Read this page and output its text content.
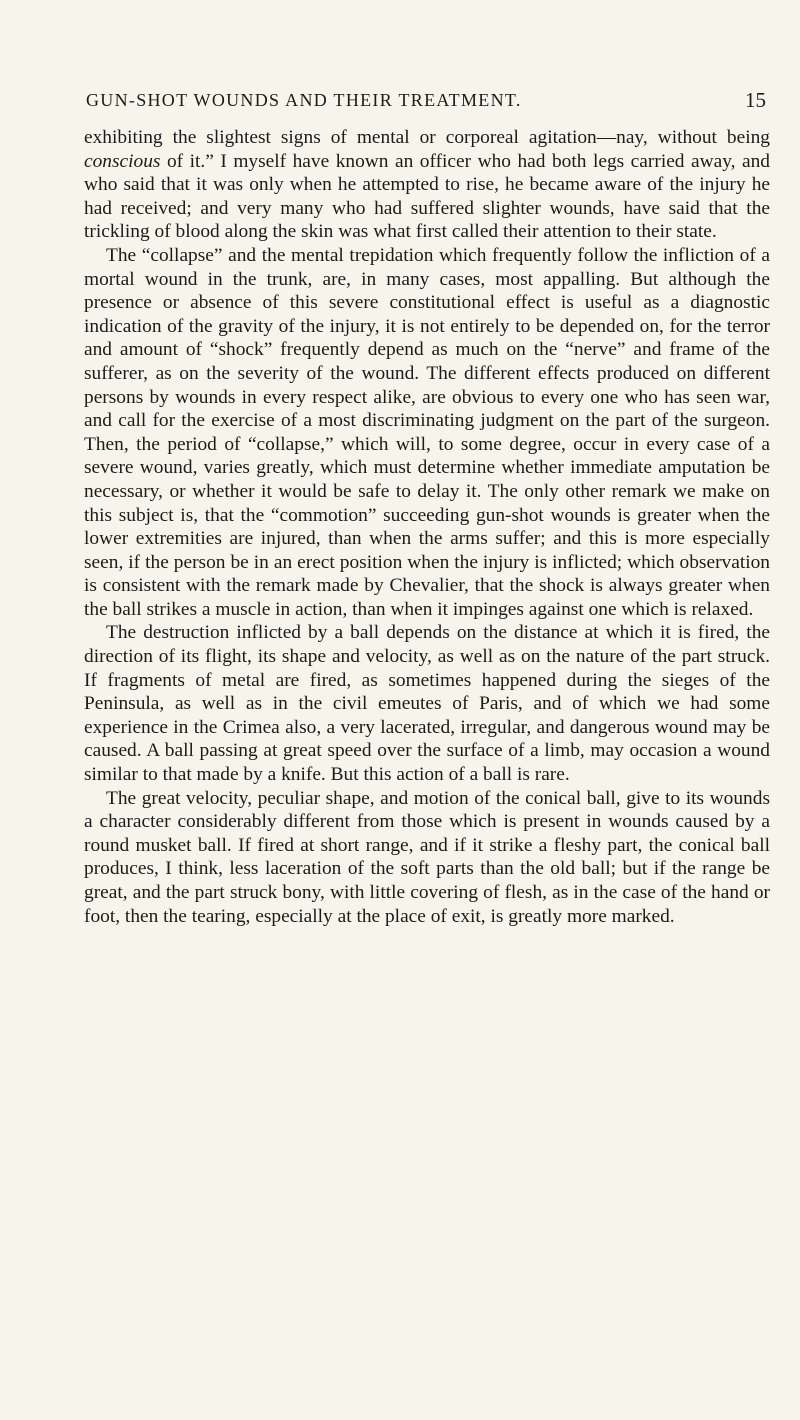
GUN-SHOT WOUNDS AND THEIR TREATMENT.	15

exhibiting the slightest signs of mental or corporeal agitation—nay, without being conscious of it.” I myself have known an officer who had both legs carried away, and who said that it was only when he attempted to rise, he became aware of the injury he had received; and very many who had suffered slighter wounds, have said that the trickling of blood along the skin was what first called their attention to their state.

The “collapse” and the mental trepidation which frequently follow the infliction of a mortal wound in the trunk, are, in many cases, most appalling. But although the presence or absence of this severe constitutional effect is useful as a diagnostic indication of the gravity of the injury, it is not entirely to be depended on, for the terror and amount of “shock” frequently depend as much on the “nerve” and frame of the sufferer, as on the severity of the wound. The different effects produced on different persons by wounds in every respect alike, are obvious to every one who has seen war, and call for the exercise of a most discriminating judgment on the part of the surgeon. Then, the period of “collapse,” which will, to some degree, occur in every case of a severe wound, varies greatly, which must determine whether immediate amputation be necessary, or whether it would be safe to delay it. The only other remark we make on this subject is, that the “commotion” succeeding gun-shot wounds is greater when the lower extremities are injured, than when the arms suffer; and this is more especially seen, if the person be in an erect position when the injury is inflicted; which observation is consistent with the remark made by Chevalier, that the shock is always greater when the ball strikes a muscle in action, than when it impinges against one which is relaxed.

The destruction inflicted by a ball depends on the distance at which it is fired, the direction of its flight, its shape and velocity, as well as on the nature of the part struck. If fragments of metal are fired, as sometimes happened during the sieges of the Peninsula, as well as in the civil emeutes of Paris, and of which we had some experience in the Crimea also, a very lacerated, irregular, and dangerous wound may be caused. A ball passing at great speed over the surface of a limb, may occasion a wound similar to that made by a knife. But this action of a ball is rare.

The great velocity, peculiar shape, and motion of the conical ball, give to its wounds a character considerably different from those which is present in wounds caused by a round musket ball. If fired at short range, and if it strike a fleshy part, the conical ball produces, I think, less laceration of the soft parts than the old ball; but if the range be great, and the part struck bony, with little covering of flesh, as in the case of the hand or foot, then the tearing, especially at the place of exit, is greatly more marked.
